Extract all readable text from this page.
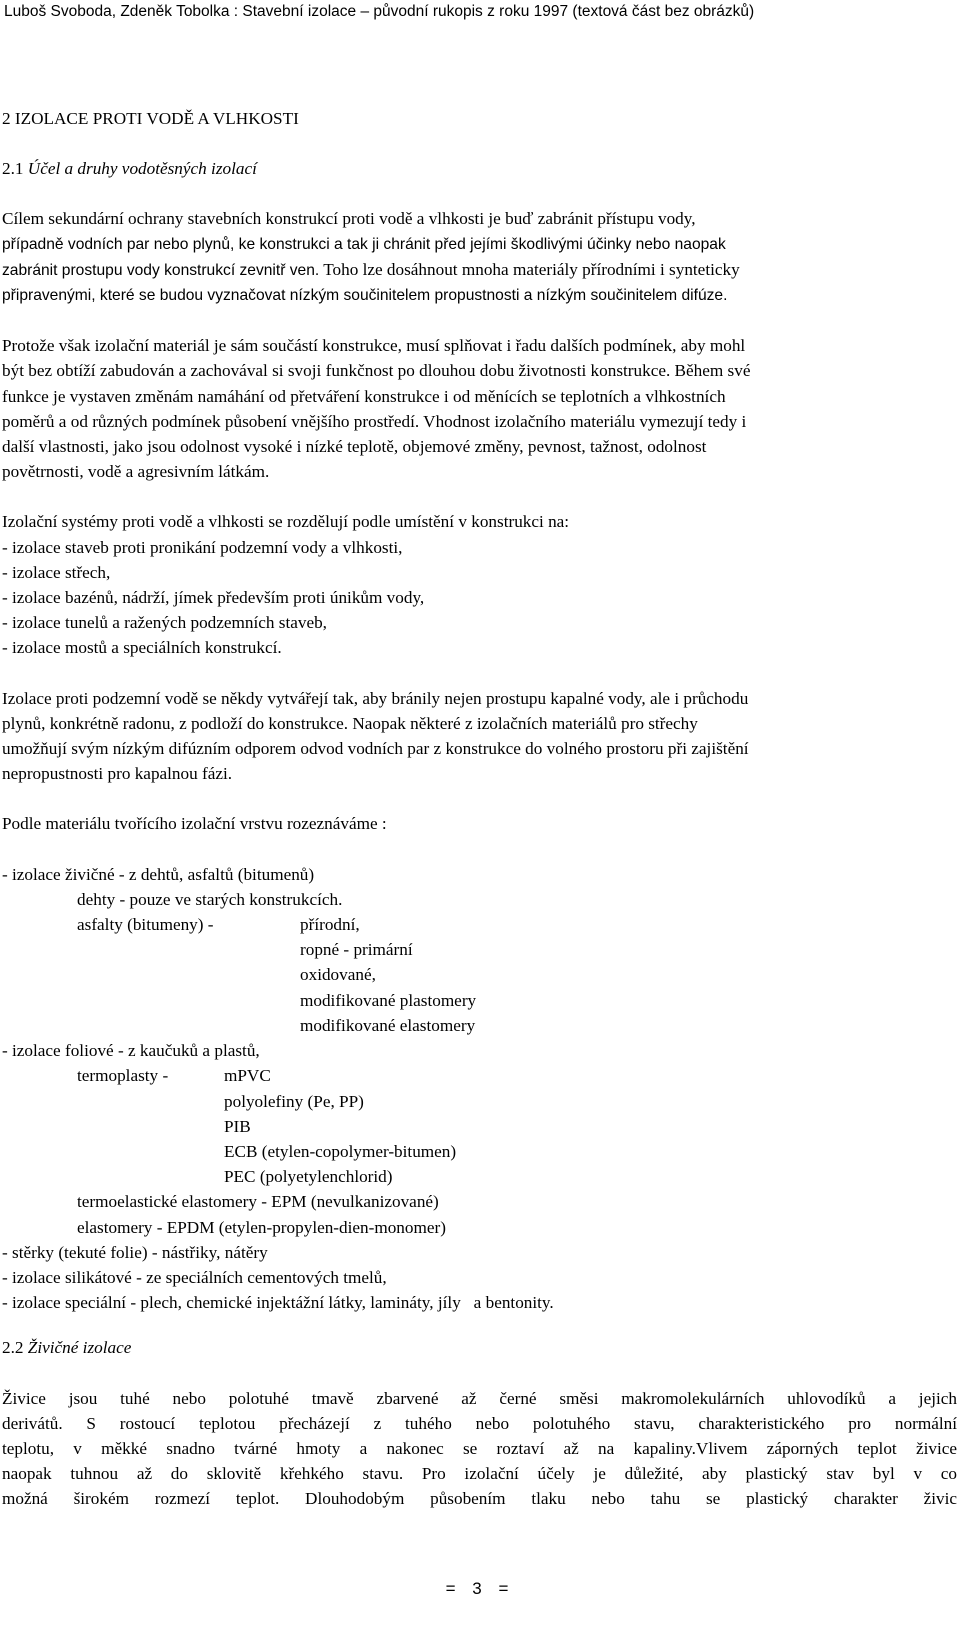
Luboš Svoboda, Zdeněk Tobolka : Stavební izolace – původní rukopis z roku 1997 (textová část bez obrázků)

2 IZOLACE PROTI VODĚ A VLHKOSTI

2.1 Účel a druhy vodotěsných izolací

Cílem sekundární ochrany stavebních konstrukcí proti vodě a vlhkosti je buď zabránit přístupu vody,

případně vodních par nebo plynů, ke konstrukci a tak ji chránit před jejími škodlivými účinky nebo naopak

zabránit prostupu vody konstrukcí zevnitř ven. Toho lze dosáhnout mnoha materiály přírodními i synteticky

připravenými, které se budou vyznačovat nízkým součinitelem propustnosti a nízkým součinitelem difúze.

Protože však izolační materiál je sám součástí konstrukce, musí splňovat i řadu dalších podmínek, aby mohl

být bez obtíží zabudován a zachovával si svoji funkčnost po dlouhou dobu životnosti konstrukce. Během své

funkce je vystaven změnám namáhání od přetváření konstrukce i od měnících se teplotních a vlhkostních

poměrů a od různých podmínek působení vnějšího prostředí. Vhodnost izolačního materiálu vymezují tedy i

další vlastnosti, jako jsou odolnost vysoké i nízké teplotě, objemové změny, pevnost, tažnost, odolnost

povětrnosti, vodě a agresivním látkám.

Izolační systémy proti vodě a vlhkosti se rozdělují podle umístění v konstrukci na:

- izolace staveb proti pronikání podzemní vody a vlhkosti,

- izolace střech,

- izolace bazénů, nádrží, jímek především proti únikům vody,

- izolace tunelů a ražených podzemních staveb,

- izolace mostů a speciálních konstrukcí.

Izolace proti podzemní vodě se někdy vytvářejí tak, aby bránily nejen prostupu kapalné vody, ale i průchodu

plynů, konkrétně radonu, z podloží do konstrukce. Naopak některé z izolačních materiálů pro střechy

umožňují svým nízkým difúzním odporem odvod vodních par z konstrukce do volného prostoru při zajištění

nepropustnosti pro kapalnou fázi.

Podle materiálu tvořícího izolační vrstvu rozeznáváme :

- izolace živičné - z dehtů, asfaltů (bitumenů)

dehty - pouze ve starých konstrukcích.

asfalty (bitumeny) -	přírodní,

ropné - primární

oxidované,

modifikované plastomery

modifikované elastomery

- izolace foliové - z kaučuků a plastů,

termoplasty -	mPVC

polyolefiny (Pe, PP)

PIB

ECB (etylen-copolymer-bitumen)

PEC (polyetylenchlorid)

termoelastické elastomery - EPM (nevulkanizované)

elastomery - EPDM (etylen-propylen-dien-monomer)

- stěrky (tekuté folie) - nástřiky, nátěry

- izolace silikátové - ze speciálních cementových tmelů,

- izolace speciální - plech, chemické injektážní látky, lamináty, jíly   a bentonity.

2.2 Živičné izolace

Živice jsou tuhé nebo polotuhé tmavě zbarvené až černé směsi makromolekulárních uhlovodíků a jejich

derivátů. S rostoucí teplotou přecházejí z tuhého nebo polotuhého stavu, charakteristického pro normální

teplotu, v měkké snadno tvárné hmoty a nakonec se roztaví až na kapaliny.Vlivem záporných teplot živice

naopak tuhnou až do sklovitě křehkého stavu. Pro izolační účely je důležité, aby plastický stav byl v co

možná širokém rozmezí teplot. Dlouhodobým působením tlaku nebo tahu se plastický charakter živic

= 3 =
